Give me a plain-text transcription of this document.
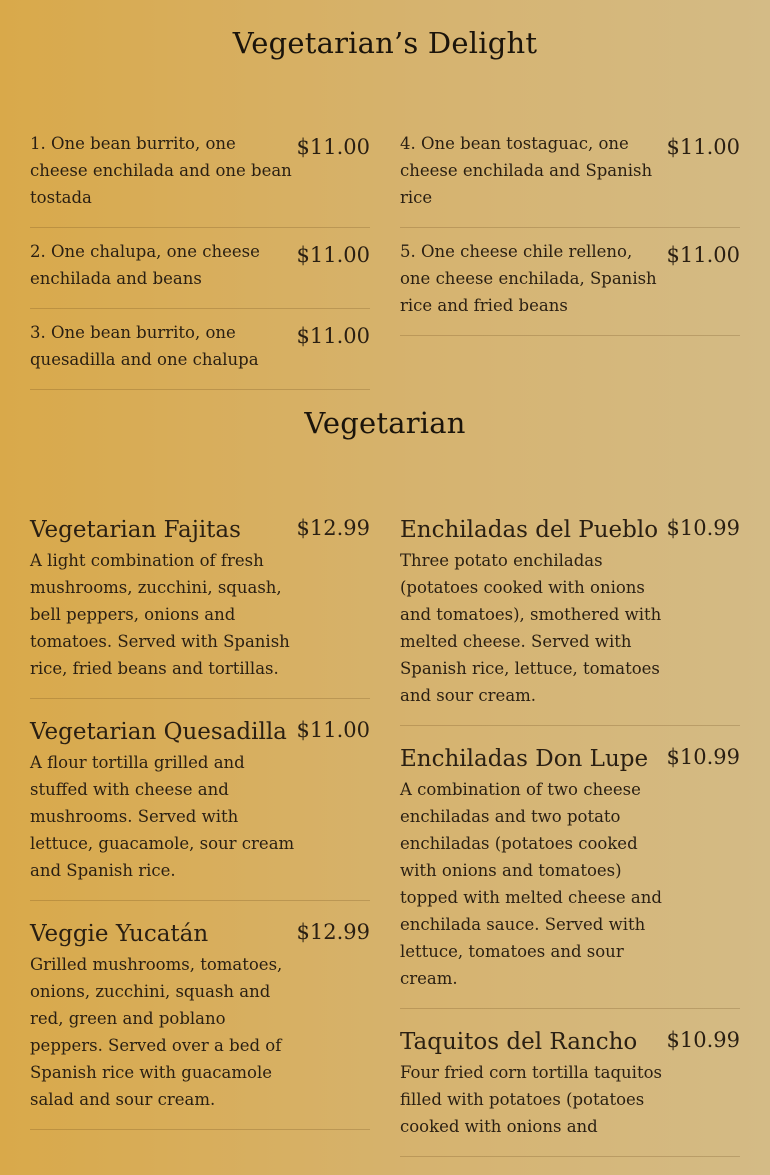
Vegetarian’s Delight
1. One bean burrito, one cheese enchilada and one bean tostada
$11.00
2. One chalupa, one cheese enchilada and beans
$11.00
3. One bean burrito, one quesadilla and one chalupa
$11.00
4. One bean tostaguac, one cheese enchilada and Spanish rice
$11.00
5. One cheese chile relleno, one cheese enchilada, Spanish rice and fried beans
$11.00
Vegetarian
Vegetarian Fajitas	$12.99
A light combination of fresh mushrooms, zucchini, squash, bell peppers, onions and tomatoes. Served with Spanish rice, fried beans and tortillas.
Vegetarian Quesadilla $11.00
A flour tortilla grilled and stuffed with cheese and mushrooms. Served with lettuce, guacamole, sour cream and Spanish rice.
Veggie Yucatán	$12.99
Grilled mushrooms, tomatoes, onions, zucchini, squash and red, green and poblano peppers. Served over a bed of Spanish rice with guacamole salad and sour cream.
Enchiladas del Pueblo $10.99
Three potato enchiladas (potatoes cooked with onions and tomatoes), smothered with melted cheese. Served with Spanish rice, lettuce, tomatoes and sour cream.
Enchiladas Don Lupe $10.99
A combination of two cheese enchiladas and two potato enchiladas (potatoes cooked with onions and tomatoes) topped with melted cheese and enchilada sauce. Served with lettuce, tomatoes and sour cream.
Taquitos del Rancho $10.99
Four fried corn tortilla taquitos filled with potatoes (potatoes cooked with onions and
